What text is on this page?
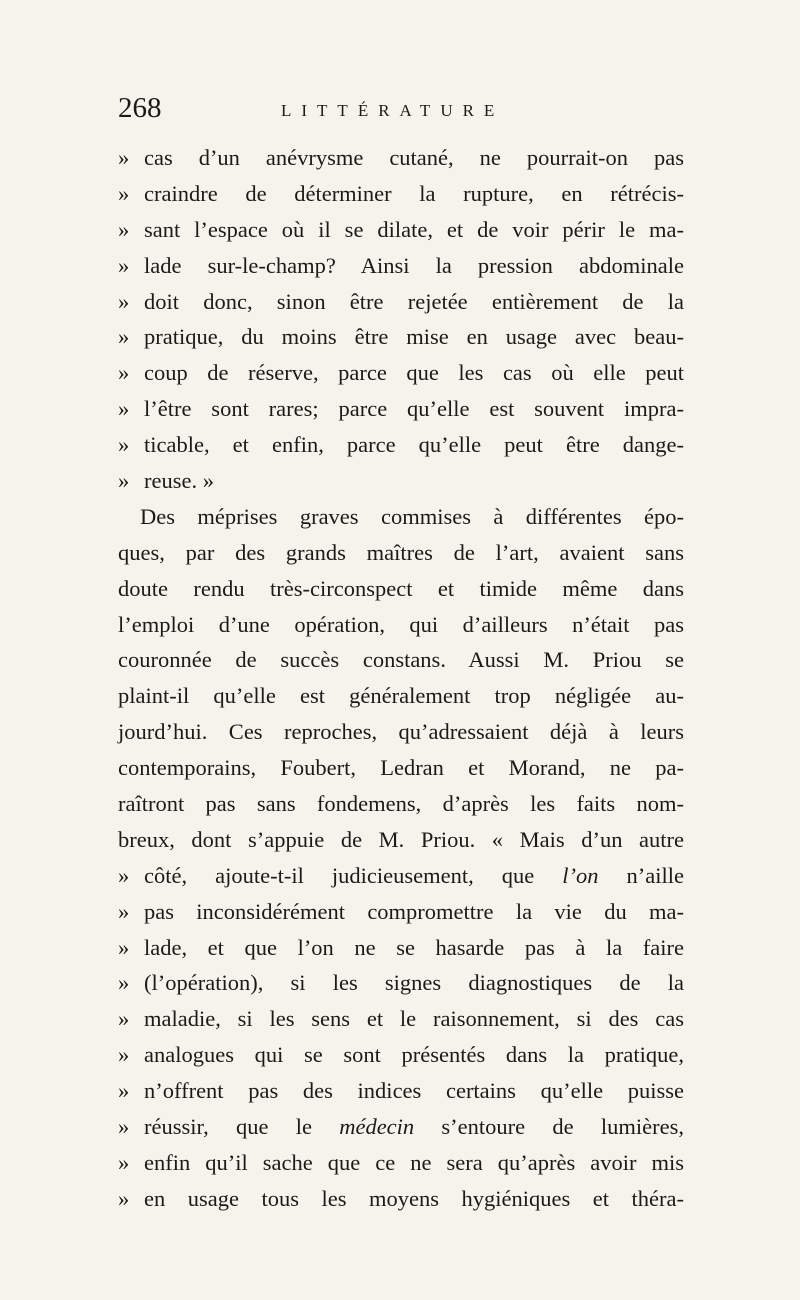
268	LITTÉRATURE
» cas d’un anévrysme cutané, ne pourrait-on pas
» craindre de déterminer la rupture, en rétrécis-
» sant l’espace où il se dilate, et de voir périr le ma-
» lade sur-le-champ? Ainsi la pression abdominale
» doit donc, sinon être rejetée entièrement de la
» pratique, du moins être mise en usage avec beau-
» coup de réserve, parce que les cas où elle peut
» l’être sont rares; parce qu’elle est souvent impra-
» ticable, et enfin, parce qu’elle peut être dange-
» reuse. »
Des méprises graves commises à différentes épo-
ques, par des grands maîtres de l’art, avaient sans
doute rendu très-circonspect et timide même dans
l’emploi d’une opération, qui d’ailleurs n’était pas
couronnée de succès constans. Aussi M. Priou se
plaint-il qu’elle est généralement trop négligée au-
jourd’hui. Ces reproches, qu’adressaient déjà à leurs
contemporains, Foubert, Ledran et Morand, ne pa-
raîtront pas sans fondemens, d’après les faits nom-
breux, dont s’appuie de M. Priou. « Mais d’un autre
» côté, ajoute-t-il judicieusement, que l’on n’aille
» pas inconsidérément compromettre la vie du ma-
» lade, et que l’on ne se hasarde pas à la faire
» (l’opération), si les signes diagnostiques de la
» maladie, si les sens et le raisonnement, si des cas
» analogues qui se sont présentés dans la pratique,
» n’offrent pas des indices certains qu’elle puisse
» réussir, que le médecin s’entoure de lumières,
» enfin qu’il sache que ce ne sera qu’après avoir mis
» en usage tous les moyens hygiéniques et théra-
